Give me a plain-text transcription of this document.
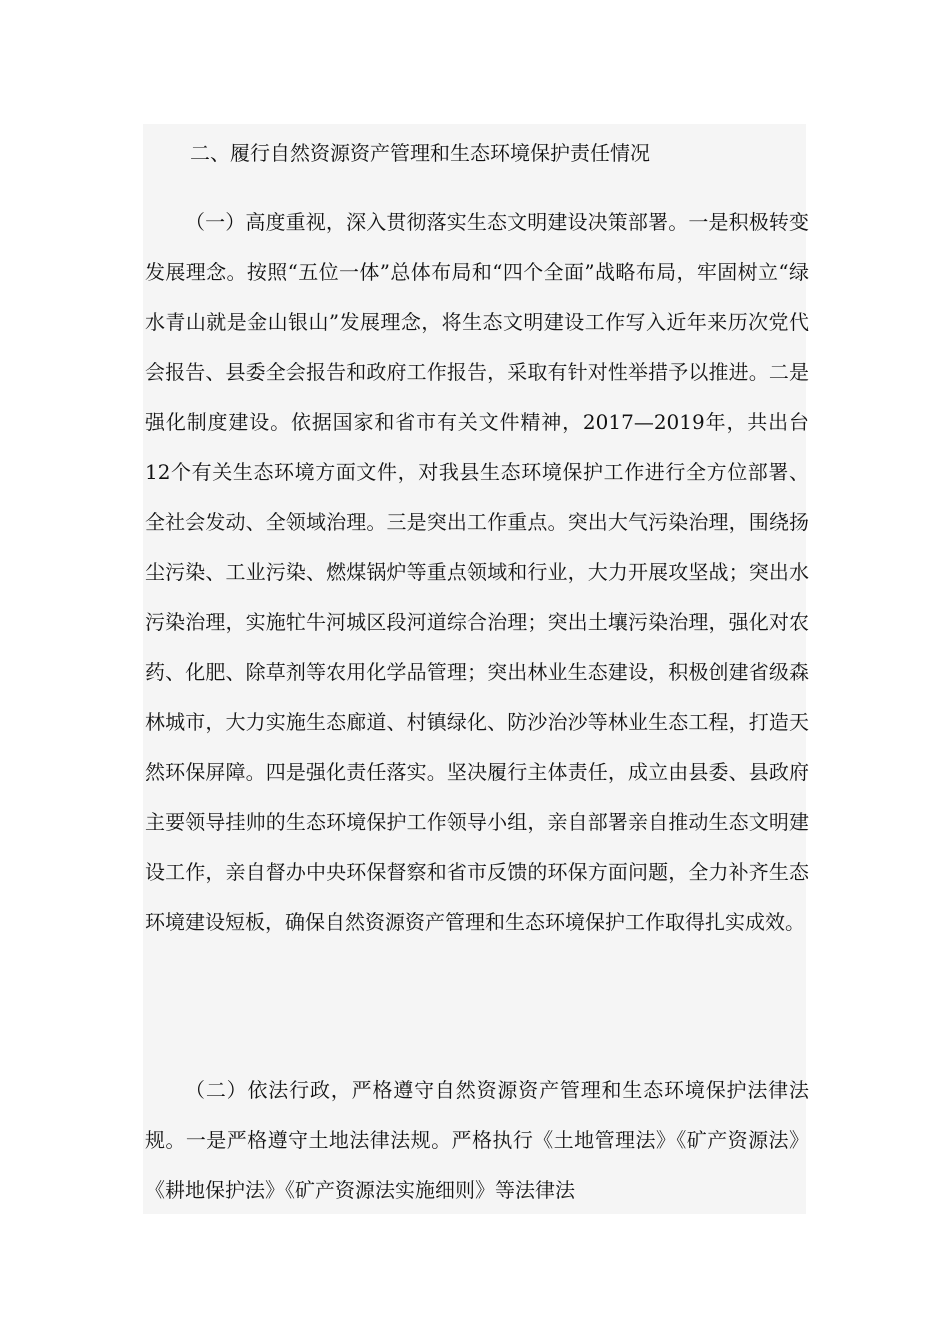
二、履行自然资源资产管理和生态环境保护责任情况

（一）高度重视，深入贯彻落实生态文明建设决策部署。一是积极转变发展理念。按照“五位一体”总体布局和“四个全面”战略布局，牢固树立“绿水青山就是金山银山”发展理念，将生态文明建设工作写入近年来历次党代会报告、县委全会报告和政府工作报告，采取有针对性举措予以推进。二是强化制度建设。依据国家和省市有关文件精神，2017—2019年，共出台12个有关生态环境方面文件，对我县生态环境保护工作进行全方位部署、全社会发动、全领域治理。三是突出工作重点。突出大气污染治理，围绕扬尘污染、工业污染、燃煤锅炉等重点领域和行业，大力开展攻坚战；突出水污染治理，实施牤牛河城区段河道综合治理；突出土壤污染治理，强化对农药、化肥、除草剂等农用化学品管理；突出林业生态建设，积极创建省级森林城市，大力实施生态廊道、村镇绿化、防沙治沙等林业生态工程，打造天然环保屏障。四是强化责任落实。坚决履行主体责任，成立由县委、县政府主要领导挂帅的生态环境保护工作领导小组，亲自部署亲自推动生态文明建设工作，亲自督办中央环保督察和省市反馈的环保方面问题，全力补齐生态环境建设短板，确保自然资源资产管理和生态环境保护工作取得扎实成效。

（二）依法行政，严格遵守自然资源资产管理和生态环境保护法律法规。一是严格遵守土地法律法规。严格执行《土地管理法》《矿产资源法》《耕地保护法》《矿产资源法实施细则》等法律法
